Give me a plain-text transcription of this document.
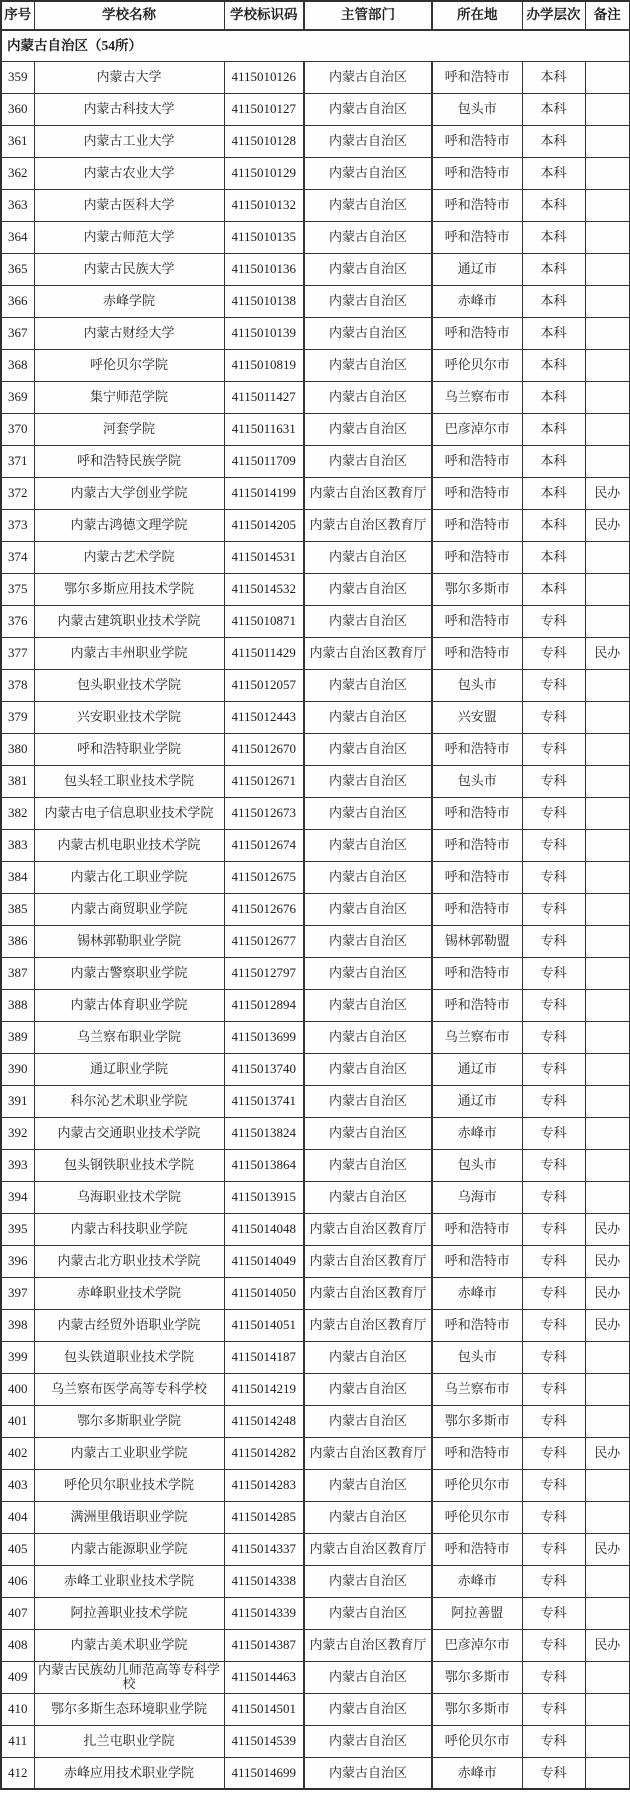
序号	学校名称	学校标识码	主管部门	所在地	办学层次	备注
内蒙古自治区（54所）						
359	内蒙古大学	4115010126	内蒙古自治区	呼和浩特市	本科	
360	内蒙古科技大学	4115010127	内蒙古自治区	包头市	本科	
361	内蒙古工业大学	4115010128	内蒙古自治区	呼和浩特市	本科	
362	内蒙古农业大学	4115010129	内蒙古自治区	呼和浩特市	本科	
363	内蒙古医科大学	4115010132	内蒙古自治区	呼和浩特市	本科	
364	内蒙古师范大学	4115010135	内蒙古自治区	呼和浩特市	本科	
365	内蒙古民族大学	4115010136	内蒙古自治区	通辽市	本科	
366	赤峰学院	4115010138	内蒙古自治区	赤峰市	本科	
367	内蒙古财经大学	4115010139	内蒙古自治区	呼和浩特市	本科	
368	呼伦贝尔学院	4115010819	内蒙古自治区	呼伦贝尔市	本科	
369	集宁师范学院	4115011427	内蒙古自治区	乌兰察布市	本科	
370	河套学院	4115011631	内蒙古自治区	巴彦淖尔市	本科	
371	呼和浩特民族学院	4115011709	内蒙古自治区	呼和浩特市	本科	
372	内蒙古大学创业学院	4115014199	内蒙古自治区教育厅	呼和浩特市	本科	民办
373	内蒙古鸿德文理学院	4115014205	内蒙古自治区教育厅	呼和浩特市	本科	民办
374	内蒙古艺术学院	4115014531	内蒙古自治区	呼和浩特市	本科	
375	鄂尔多斯应用技术学院	4115014532	内蒙古自治区	鄂尔多斯市	本科	
376	内蒙古建筑职业技术学院	4115010871	内蒙古自治区	呼和浩特市	专科	
377	内蒙古丰州职业学院	4115011429	内蒙古自治区教育厅	呼和浩特市	专科	民办
378	包头职业技术学院	4115012057	内蒙古自治区	包头市	专科	
379	兴安职业技术学院	4115012443	内蒙古自治区	兴安盟	专科	
380	呼和浩特职业学院	4115012670	内蒙古自治区	呼和浩特市	专科	
381	包头轻工职业技术学院	4115012671	内蒙古自治区	包头市	专科	
382	内蒙古电子信息职业技术学院	4115012673	内蒙古自治区	呼和浩特市	专科	
383	内蒙古机电职业技术学院	4115012674	内蒙古自治区	呼和浩特市	专科	
384	内蒙古化工职业学院	4115012675	内蒙古自治区	呼和浩特市	专科	
385	内蒙古商贸职业学院	4115012676	内蒙古自治区	呼和浩特市	专科	
386	锡林郭勒职业学院	4115012677	内蒙古自治区	锡林郭勒盟	专科	
387	内蒙古警察职业学院	4115012797	内蒙古自治区	呼和浩特市	专科	
388	内蒙古体育职业学院	4115012894	内蒙古自治区	呼和浩特市	专科	
389	乌兰察布职业学院	4115013699	内蒙古自治区	乌兰察布市	专科	
390	通辽职业学院	4115013740	内蒙古自治区	通辽市	专科	
391	科尔沁艺术职业学院	4115013741	内蒙古自治区	通辽市	专科	
392	内蒙古交通职业技术学院	4115013824	内蒙古自治区	赤峰市	专科	
393	包头钢铁职业技术学院	4115013864	内蒙古自治区	包头市	专科	
394	乌海职业技术学院	4115013915	内蒙古自治区	乌海市	专科	
395	内蒙古科技职业学院	4115014048	内蒙古自治区教育厅	呼和浩特市	专科	民办
396	内蒙古北方职业技术学院	4115014049	内蒙古自治区教育厅	呼和浩特市	专科	民办
397	赤峰职业技术学院	4115014050	内蒙古自治区教育厅	赤峰市	专科	民办
398	内蒙古经贸外语职业学院	4115014051	内蒙古自治区教育厅	呼和浩特市	专科	民办
399	包头铁道职业技术学院	4115014187	内蒙古自治区	包头市	专科	
400	乌兰察布医学高等专科学校	4115014219	内蒙古自治区	乌兰察布市	专科	
401	鄂尔多斯职业学院	4115014248	内蒙古自治区	鄂尔多斯市	专科	
402	内蒙古工业职业学院	4115014282	内蒙古自治区教育厅	呼和浩特市	专科	民办
403	呼伦贝尔职业技术学院	4115014283	内蒙古自治区	呼伦贝尔市	专科	
404	满洲里俄语职业学院	4115014285	内蒙古自治区	呼伦贝尔市	专科	
405	内蒙古能源职业学院	4115014337	内蒙古自治区教育厅	呼和浩特市	专科	民办
406	赤峰工业职业技术学院	4115014338	内蒙古自治区	赤峰市	专科	
407	阿拉善职业技术学院	4115014339	内蒙古自治区	阿拉善盟	专科	
408	内蒙古美术职业学院	4115014387	内蒙古自治区教育厅	巴彦淖尔市	专科	民办
409	内蒙古民族幼儿师范高等专科学校	4115014463	内蒙古自治区	鄂尔多斯市	专科	
410	鄂尔多斯生态环境职业学院	4115014501	内蒙古自治区	鄂尔多斯市	专科	
411	扎兰屯职业学院	4115014539	内蒙古自治区	呼伦贝尔市	专科	
412	赤峰应用技术职业学院	4115014699	内蒙古自治区	赤峰市	专科	
